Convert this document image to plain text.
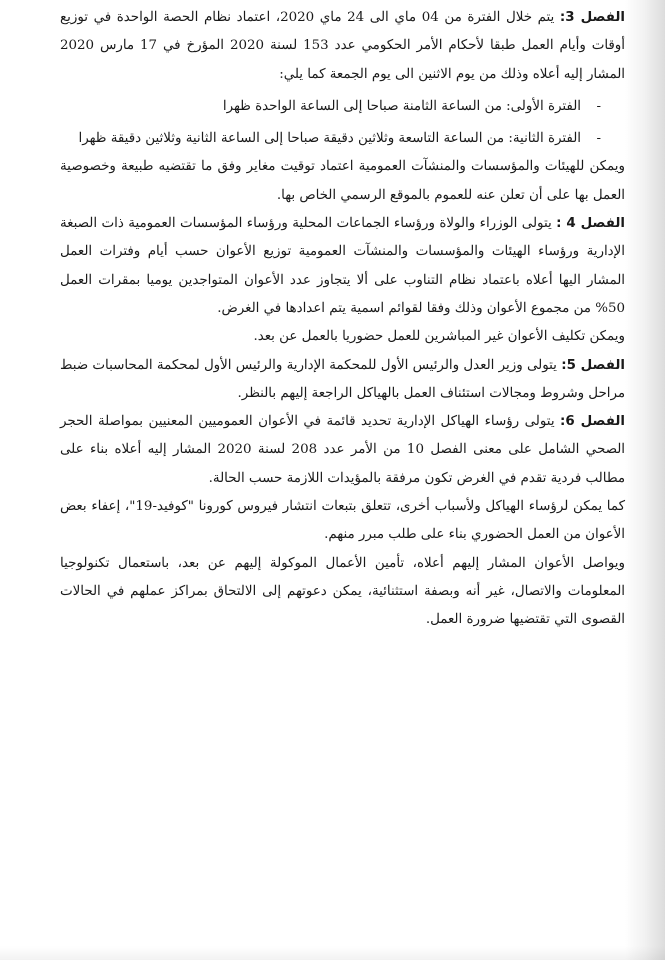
الفصل 3: يتم خلال الفترة من 04 ماي الى 24 ماي 2020، اعتماد نظام الحصة الواحدة في توزيع أوقات وأيام العمل طبقا لأحكام الأمر الحكومي عدد 153 لسنة 2020 المؤرخ في 17 مارس 2020 المشار إليه أعلاه وذلك من يوم الاثنين الى يوم الجمعة كما يلي:

-
الفترة الأولى: من الساعة الثامنة صباحا إلى الساعة الواحدة ظهرا

-
الفترة الثانية: من الساعة التاسعة وثلاثين دقيقة صباحا إلى الساعة الثانية وثلاثين دقيقة ظهرا

ويمكن للهيئات والمؤسسات والمنشآت العمومية اعتماد توقيت مغاير وفق ما تقتضيه طبيعة وخصوصية العمل بها على أن تعلن عنه للعموم بالموقع الرسمي الخاص بها.

الفصل 4 : يتولى الوزراء والولاة ورؤساء الجماعات المحلية ورؤساء المؤسسات العمومية ذات الصبغة الإدارية ورؤساء الهيئات والمؤسسات والمنشآت العمومية توزيع الأعوان حسب أيام وفترات العمل المشار اليها أعلاه باعتماد نظام التناوب على ألا يتجاوز عدد الأعوان المتواجدين يوميا بمقرات العمل 50% من مجموع الأعوان وذلك وفقا لقوائم اسمية يتم اعدادها في الغرض.

ويمكن تكليف الأعوان غير المباشرين للعمل حضوريا بالعمل عن بعد.

الفصل 5: يتولى وزير العدل والرئيس الأول للمحكمة الإدارية والرئيس الأول لمحكمة المحاسبات ضبط مراحل وشروط ومجالات استئناف العمل بالهياكل الراجعة إليهم بالنظر.

الفصل 6: يتولى رؤساء الهياكل الإدارية تحديد قائمة في الأعوان العموميين المعنيين بمواصلة الحجر الصحي الشامل على معنى الفصل 10 من الأمر عدد 208 لسنة 2020 المشار إليه أعلاه بناء على مطالب فردية تقدم في الغرض تكون مرفقة بالمؤيدات اللازمة حسب الحالة.

كما يمكن لرؤساء الهياكل ولأسباب أخرى، تتعلق بتبعات انتشار فيروس كورونا "كوفيد-19"، إعفاء بعض الأعوان من العمل الحضوري بناء على طلب مبرر منهم.

ويواصل الأعوان المشار إليهم أعلاه، تأمين الأعمال الموكولة إليهم عن بعد، باستعمال تكنولوجيا المعلومات والاتصال، غير أنه وبصفة استثنائية، يمكن دعوتهم إلى الالتحاق بمراكز عملهم في الحالات القصوى التي تقتضيها ضرورة العمل.
